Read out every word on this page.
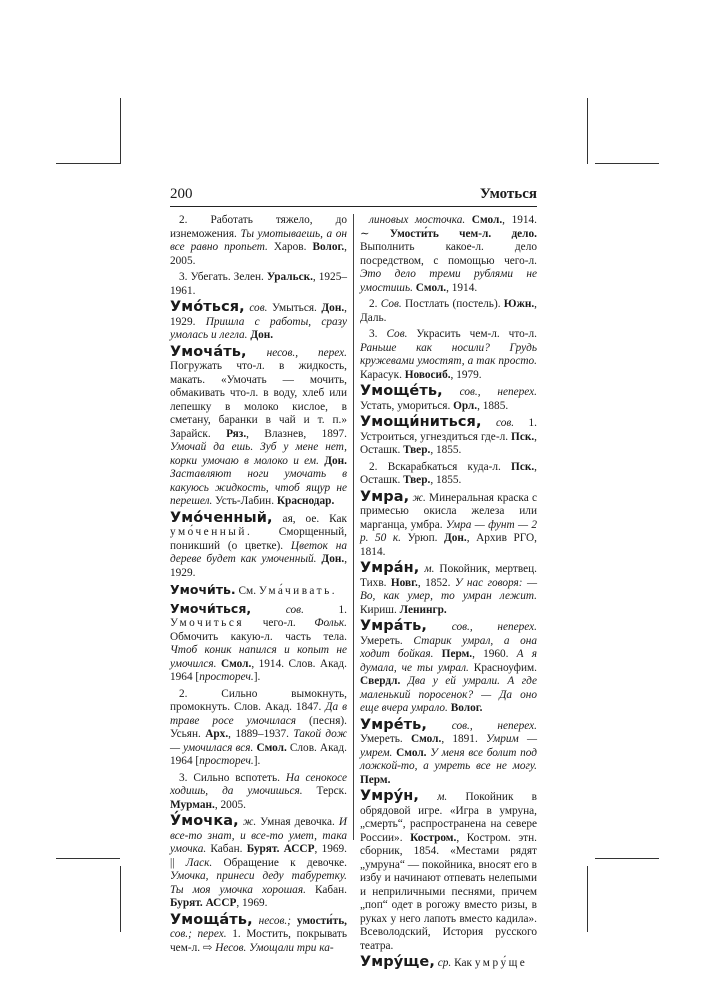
200	Умоться

2. Работать тяжело, до изнеможения. Ты умотываешь, а он все равно пропьет. Харов. Волог., 2005.

3. Убегать. Зелен. Уральск., 1925–1961.

Умо́ться, сов. Умыться. Дон., 1929. Пришла с работы, сразу умолась и легла. Дон.

Умоча́ть, несов., перех. Погружать что-л. в жидкость, макать. «Умочать — мочить, обмакивать что-л. в воду, хлеб или лепешку в молоко кислое, в сметану, баранки в чай и т. п.» Зарайск. Ряз., Влазнев, 1897. Умочай да ешь. Зуб у мене нет, корки умочаю в молоко и ем. Дон. Заставляют ноги умочать в какуюсь жидкость, чтоб ящур не перешел. Усть-Лабин. Краснодар.

Умо́ченный, ая, ое. Как умо́ченный. Сморщенный, поникший (о цветке). Цветок на дереве будет как умоченный. Дон., 1929.

Умочи́ть. См. Ума́чивать.

Умочи́ться,	сов. 1. Умочиться чего-л. Фольк. Обмочить какую-л. часть тела. Чтоб коник напился и копыт не умочился. Смол., 1914. Слов. Акад. 1964 [простореч.].

2. Сильно вымокнуть, промокнуть. Слов. Акад. 1847. Да в траве росе умочилася (песня). Усьян. Арх., 1889–1937. Такой дож — умочилася вся. Смол. Слов. Акад. 1964 [простореч.].

3. Сильно вспотеть. На сенокосе ходишь, да умочишься. Терск. Мурман., 2005.

У́мочка, ж. Умная девочка. И все-то знат, и все-то умет, така умочка. Кабан. Бурят. АССР, 1969. || Ласк. Обращение к девочке. Умочка, принеси деду табуретку. Ты моя умочка хорошая. Кабан. Бурят. АССР, 1969.

Умоща́ть, несов.; умости́ть, сов.; перех. 1. Мостить, покрывать чем-л. ⇨ Несов. Умощали три ка-

линовых мосточка. Смол., 1914. ∼ Умости́ть чем-л. дело. Выполнить какое-л. дело посредством, с помощью чего-л. Это дело треми рублями не умостишь. Смол., 1914.

2. Сов. Постлать (постель). Южн., Даль.

3. Сов. Украсить чем-л. что-л. Раньше как носили? Грудь кружевами умостят, а так просто. Карасук. Новосиб., 1979.

Умоще́ть, сов., неперех. Устать, умориться. Орл., 1885.

Умощи́ниться, сов. 1. Устроиться, угнездиться где-л. Пск., Осташк. Твер., 1855.

2. Вскарабкаться куда-л. Пск., Осташк. Твер., 1855.

Умра, ж. Минеральная краска с примесью окисла железа или марганца, умбра. Умра — фунт — 2 р. 50 к. Урюп. Дон., Архив РГО, 1814.

Умра́н, м. Покойник, мертвец. Тихв. Новг., 1852. У нас говоря: — Во, как умер, то умран лежит. Кириш. Ленингр.

Умра́ть, сов., неперех. Умереть. Старик умрал, а она ходит бойкая. Перм., 1960. А я думала, че ты умрал. Красноуфим. Свердл. Два у ей умрали. А где маленький поросенок? — Да оно еще вчера умрало. Волог.

Умре́ть, сов., неперех. Умереть. Смол., 1891. Умрим — умрем. Смол. У меня все болит под ложкой-то, а умреть все не могу. Перм.

Умру́н, м. Покойник в обрядовой игре. «Игра в умруна, „смерть“, распространена на севере России». Костром., Костром. этн. сборник, 1854. «Местами рядят „умруна“ — покойника, вносят его в избу и начинают отпевать нелепыми и неприличными песнями, причем „поп“ одет в рогожу вместо ризы, в руках у него лапоть вместо кадила». Всеволодский, История русского театра.

Умру́ще, ср. Как умру́ще
